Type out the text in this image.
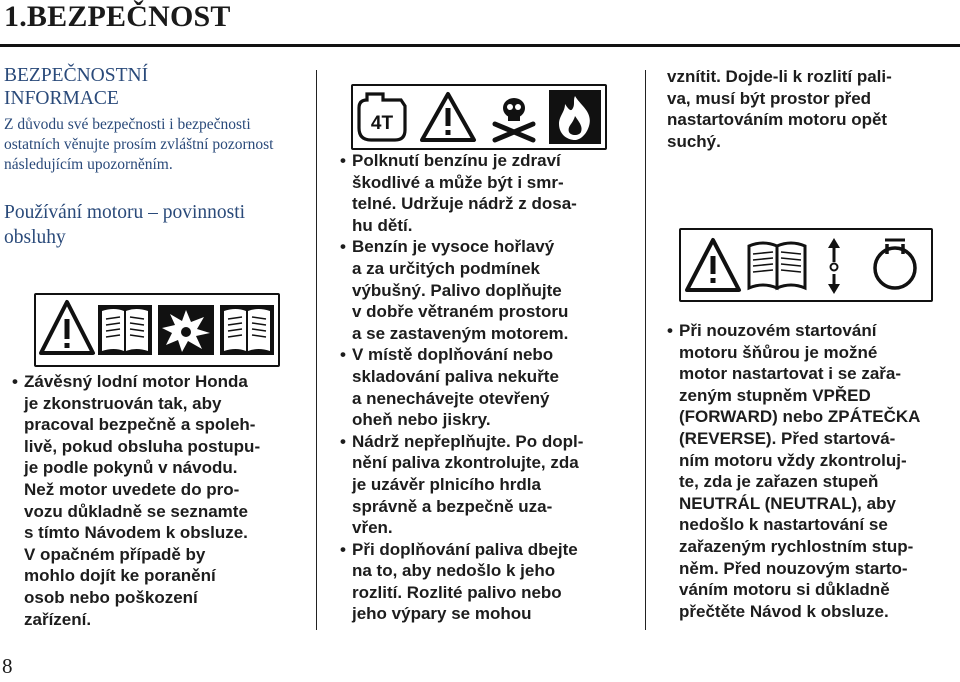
1.BEZPEČNOST
BEZPEČNOSTNÍ
INFORMACE
Z důvodu své bezpečnosti i bezpečnosti ostatních věnujte prosím zvláštní pozornost následujícím upozorněním.
Používání motoru – povinnosti obsluhy
• Závěsný lodní motor Honda
je zkonstruován tak, aby
pracoval bezpečně a spoleh-
livě, pokud obsluha postupu-
je podle pokynů v návodu.
Než motor uvedete do pro-
vozu důkladně se seznamte
s tímto Návodem k obsluze.
V opačném případě by
mohlo dojít ke poranění
osob nebo poškození
zařízení.
4T
• Polknutí benzínu je zdraví
škodlivé a může být i smr-
telné. Udržuje nádrž z dosa-
hu dětí.
• Benzín je vysoce hořlavý
a za určitých podmínek
výbušný. Palivo doplňujte
v dobře větraném prostoru
a se zastaveným motorem.
• V místě doplňování nebo
skladování paliva nekuřte
a nenechávejte otevřený
oheň nebo jiskry.
• Nádrž nepřeplňujte. Po dopl-
nění paliva zkontrolujte, zda
je uzávěr plnicího hrdla
správně a bezpečně uza-
vřen.
• Při doplňování paliva dbejte
na to, aby nedošlo k jeho
rozlití. Rozlité palivo nebo
jeho výpary se mohou
vznítit. Dojde-li k rozlití pali-
va, musí být prostor před
nastartováním motoru opět
suchý.
• Při nouzovém startování
motoru šňůrou je možné
motor nastartovat i se zařa-
zeným stupněm VPŘED
(FORWARD) nebo ZPÁTEČKA
(REVERSE). Před startová-
ním motoru vždy zkontroluj-
te, zda je zařazen stupeň
NEUTRÁL (NEUTRAL), aby
nedošlo k nastartování se
zařazeným rychlostním stup-
něm. Před nouzovým starto-
váním motoru si důkladně
přečtěte Návod k obsluze.
8
